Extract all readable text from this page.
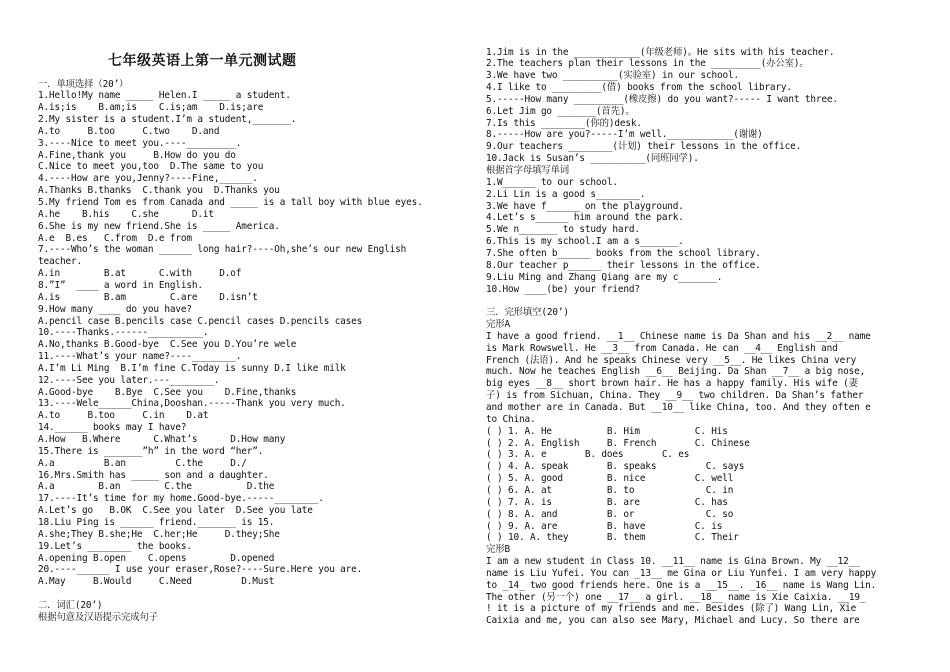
七年级英语上第一单元测试题
一．单项选择（20’）
1.Hello!My name _____ Helen.I _____ a student.
A.is;is    B.am;is    C.is;am    D.is;are
2.My sister is a student.I’m a student,_______.
A.to     B.too     C.two    D.and
3.----Nice to meet you.----_________.
A.Fine,thank you     B.How do you do
C.Nice to meet you,too  D.The same to you
4.----How are you,Jenny?----Fine,______.
A.Thanks B.thanks  C.thank you  D.Thanks you
5.My friend Tom es from Canada and _____ is a tall boy with blue eyes.
A.he    B.his    C.she      D.it
6.She is my new friend.She is _____ America.
A.e  B.es   C.from  D.e from
7.----Who’s the woman ______ long hair?----Oh,she’s our new English
teacher.
A.in        B.at      C.with     D.of
8.”I”  ____ a word in English.
A.is        B.am        C.are    D.isn’t
9.How many ____ do you have?
A.pencil case B.pencils case C.pencil cases D.pencils cases
10.----Thanks.------__________.
A.No,thanks B.Good-bye  C.See you D.You’re wele
11.----What’s your name?----________.
A.I’m Li Ming  B.I’m fine C.Today is sunny D.I like milk
12.----See you later.---________.
A.Good-bye    B.Bye  C.See you    D.Fine,thanks
13.----Wele______China,Dooshan.-----Thank you very much.
A.to     B.too     C.in    D.at
14.______ books may I have?
A.How   B.Where      C.What’s      D.How many
15.There is _______”h” in the word “her”.
A.a         B.an         C.the     D./
16.Mrs.Smith has _____ son and a daughter.
A.a        B.an        C.the          D.the
17.----It’s time for my home.Good-bye.-----________.
A.Let’s go   B.OK  C.See you later  D.See you late
18.Liu Ping is ______ friend._______ is 15.
A.she;They B.she;He  C.her;He     D.they;She
19.Let’s ________ the books.
A.opening B.open    C.opens        D.opened
20.----______ I use your eraser,Rose?----Sure.Here you are.
A.May     B.Would     C.Need         D.Must
二．词汇(20’)
根据句意及汉语提示完成句子
1.Jim is in the ____________(年级老师)。He sits with his teacher.
2.The teachers plan their lessons in the _________(办公室)。
3.We have two __________(实验室) in our school.
4.I like to _________(借) books from the school library.
5.-----How many _________(橡皮擦) do you want?----- I want three.
6.Let Jim go _______(首先)。
7.Is this ________(你的)desk.
8.-----How are you?-----I’m well.____________(谢谢)
9.Our teachers ________(计划) their lessons in the office.
10.Jack is Susan’s __________(同班同学).
根据首字母填写单词
1.W______ to our school.
2.Li Lin is a good s________.
3.We have f______ on the playground.
4.Let’s s______ him around the park.
5.We n_______ to study hard.
6.This is my school.I am a s_______.
7.She often b______ books from the school library.
8.Our teacher p______ their lessons in the office.
9.Liu Ming and Zhang Qiang are my c_______.
10.How ____(be) your friend?
三．完形填空(20’)
完形A
I have a good friend. __1__ Chinese name is Da Shan and his __2__ name
is Mark Rowswell. He __3__ from Canada. He can __4__ English and
French (法语). And he speaks Chinese very __5__. He likes China very
much. Now he teaches English __6__ Beijing. Da Shan __7__ a big nose,
big eyes __8__ short brown hair. He has a happy family. His wife (妻
子) is from Sichuan, China. They __9__ two children. Da Shan’s father
and mother are in Canada. But __10__ like China, too. And they often e
to China.
( ) 1. A. He          B. Him          C. His
( ) 2. A. English     B. French       C. Chinese
( ) 3. A. e       B. does       C. es
( ) 4. A. speak       B. speaks         C. says
( ) 5. A. good        B. nice         C. well
( ) 6. A. at          B. to             C. in
( ) 7. A. is          B. are          C. has
( ) 8. A. and         B. or             C. so
( ) 9. A. are         B. have         C. is
( ) 10. A. they       B. them         C. Their
完形B
I am a new student in Class 10. __11__ name is Gina Brown. My __12__
name is Liu Yufei. You can _13__ me Gina or Liu Yunfei. I am very happy
to _14_ two good friends here. One is a __15__. _16__ name is Wang Lin.
The other (另一个) one __17__ a girl. __18__ name is Xie Caixia. __19_
! it is a picture of my friends and me. Besides (除了) Wang Lin, Xie
Caixia and me, you can also see Mary, Michael and Lucy. So there are
